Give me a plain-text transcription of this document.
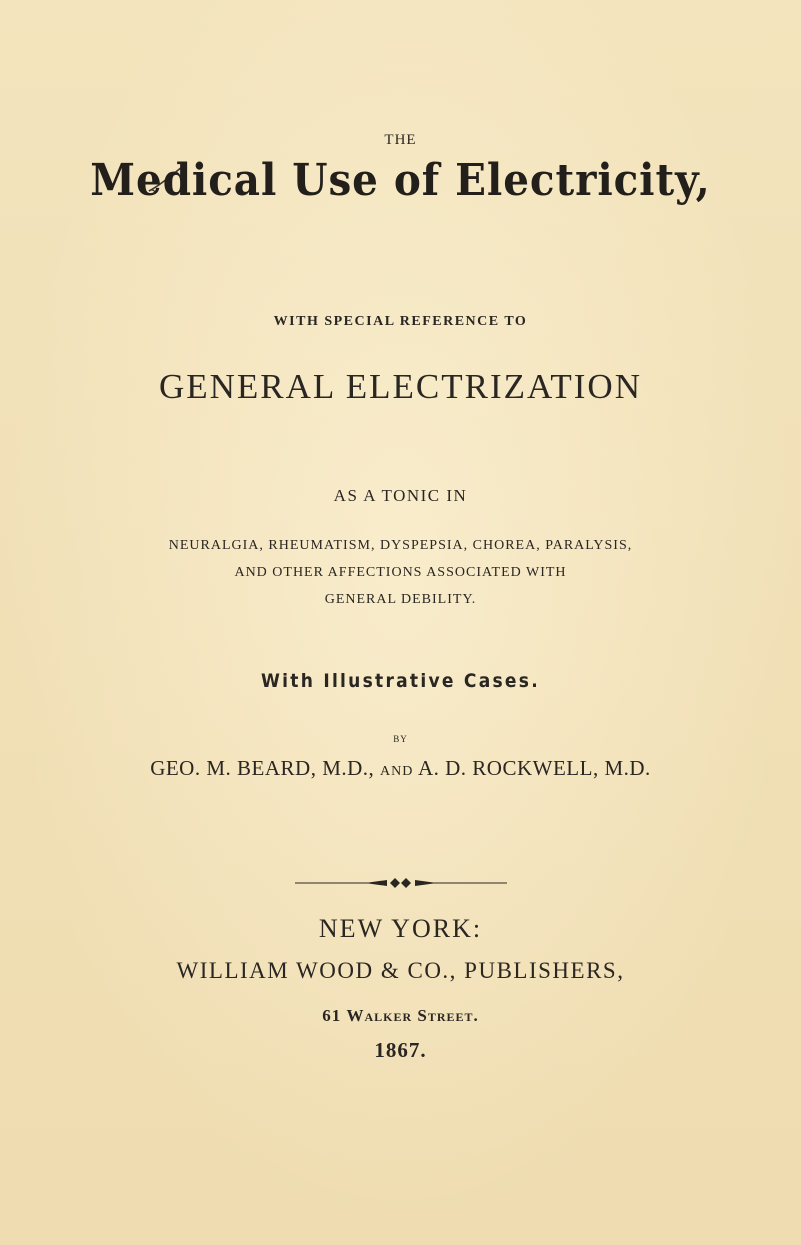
THE
Medical Use of Electricity,
WITH SPECIAL REFERENCE TO
GENERAL ELECTRIZATION
AS A TONIC IN
NEURALGIA, RHEUMATISM, DYSPEPSIA, CHOREA, PARALYSIS,
AND OTHER AFFECTIONS ASSOCIATED WITH
GENERAL DEBILITY.
With Illustrative Cases.
BY
GEO. M. BEARD, M.D., AND A. D. ROCKWELL, M.D.
NEW YORK:
WILLIAM WOOD & CO., PUBLISHERS,
61 Walker Street.
1867.
